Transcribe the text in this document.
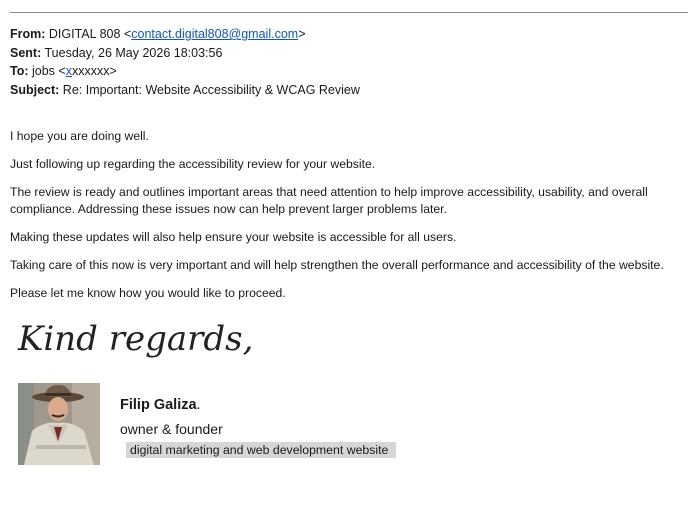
From: DIGITAL 808 <contact.digital808@gmail.com>
Sent: Tuesday, 26 May 2026 18:03:56
To: jobs <xxxxxxx>
Subject: Re: Important: Website Accessibility & WCAG Review

I hope you are doing well.

Just following up regarding the accessibility review for your website.

The review is ready and outlines important areas that need attention to help improve accessibility, usability, and overall compliance. Addressing these issues now can help prevent larger problems later.

Making these updates will also help ensure your website is accessible for all users.

Taking care of this now is very important and will help strengthen the overall performance and accessibility of the website.

Please let me know how you would like to proceed.

Kind regards,
Filip Galiza.
owner & founder
digital marketing and web development website
